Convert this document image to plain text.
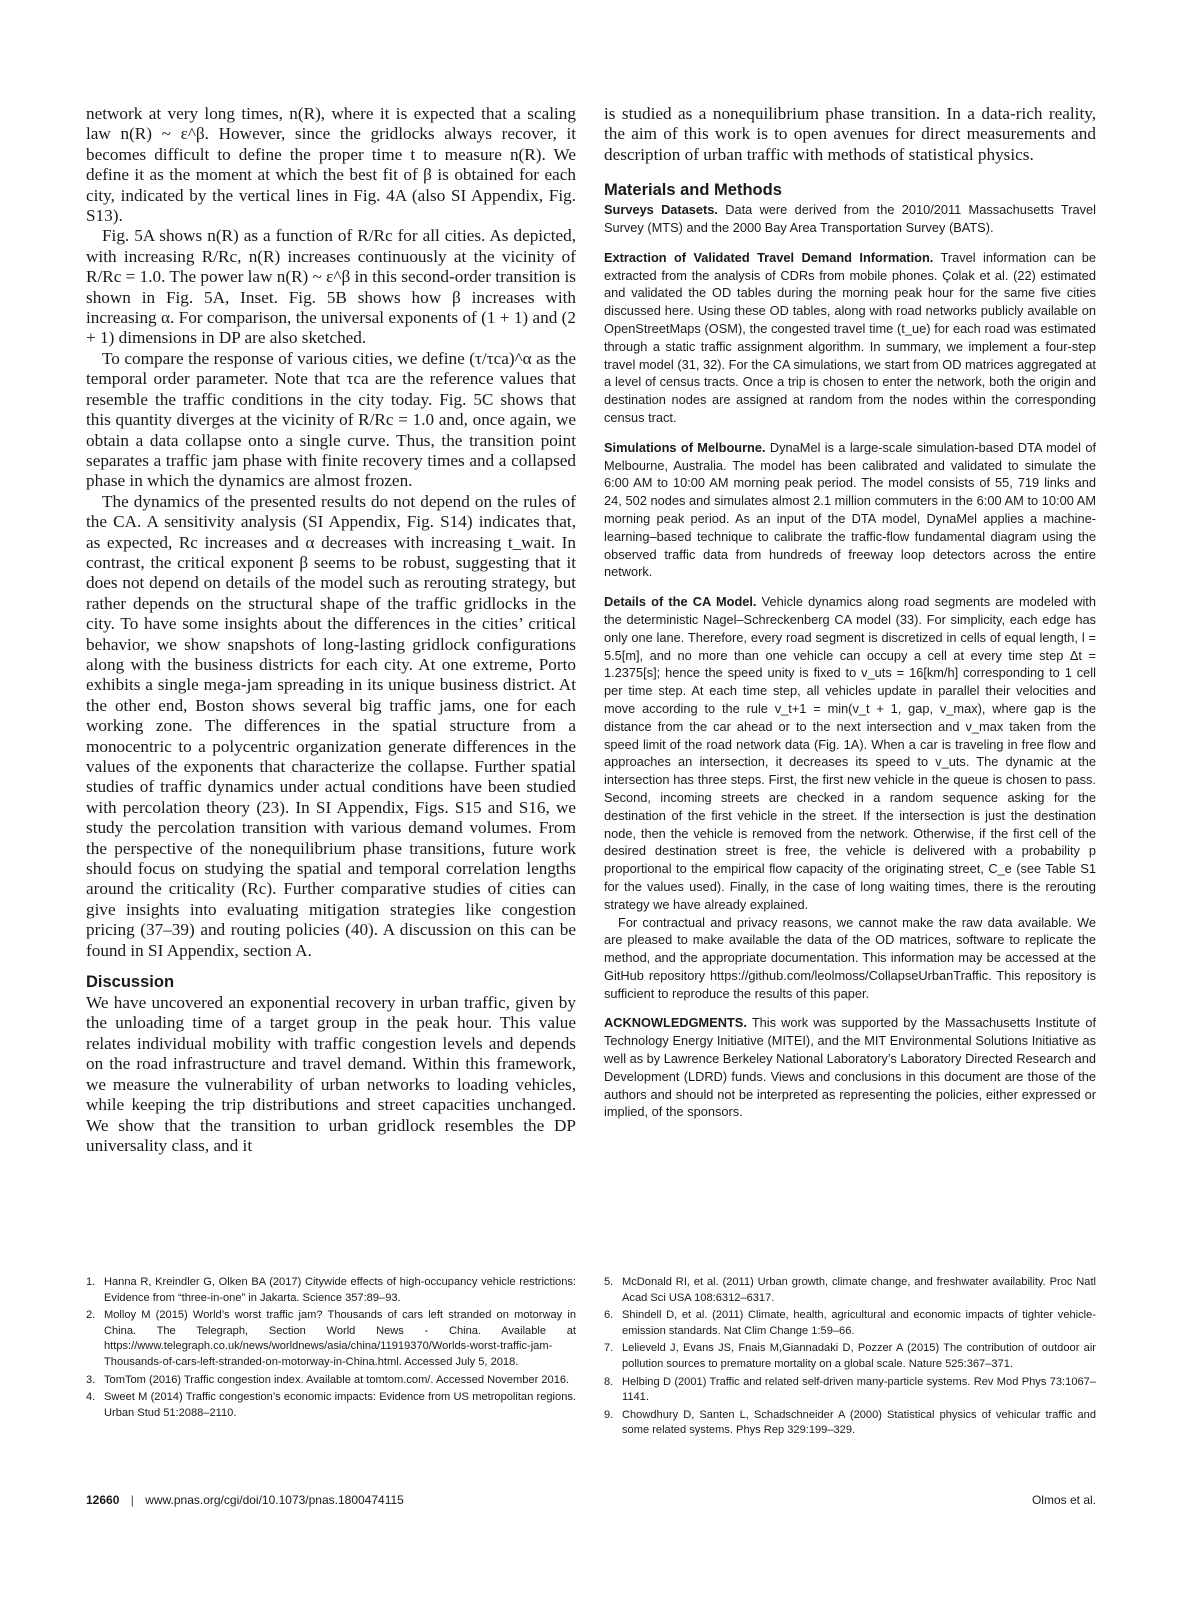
network at very long times, n(R), where it is expected that a scaling law n(R) ~ ε^β. However, since the gridlocks always recover, it becomes difficult to define the proper time t to measure n(R). We define it as the moment at which the best fit of β is obtained for each city, indicated by the vertical lines in Fig. 4A (also SI Appendix, Fig. S13).

Fig. 5A shows n(R) as a function of R/Rc for all cities. As depicted, with increasing R/Rc, n(R) increases continuously at the vicinity of R/Rc = 1.0. The power law n(R) ~ ε^β in this second-order transition is shown in Fig. 5A, Inset. Fig. 5B shows how β increases with increasing α. For comparison, the universal exponents of (1 + 1) and (2 + 1) dimensions in DP are also sketched.

To compare the response of various cities, we define (τ/τca)^α as the temporal order parameter. Note that τca are the reference values that resemble the traffic conditions in the city today. Fig. 5C shows that this quantity diverges at the vicinity of R/Rc = 1.0 and, once again, we obtain a data collapse onto a single curve. Thus, the transition point separates a traffic jam phase with finite recovery times and a collapsed phase in which the dynamics are almost frozen.

The dynamics of the presented results do not depend on the rules of the CA. A sensitivity analysis (SI Appendix, Fig. S14) indicates that, as expected, Rc increases and α decreases with increasing t_wait. In contrast, the critical exponent β seems to be robust, suggesting that it does not depend on details of the model such as rerouting strategy, but rather depends on the structural shape of the traffic gridlocks in the city. To have some insights about the differences in the cities’ critical behavior, we show snapshots of long-lasting gridlock configurations along with the business districts for each city. At one extreme, Porto exhibits a single mega-jam spreading in its unique business district. At the other end, Boston shows several big traffic jams, one for each working zone. The differences in the spatial structure from a monocentric to a polycentric organization generate differences in the values of the exponents that characterize the collapse. Further spatial studies of traffic dynamics under actual conditions have been studied with percolation theory (23). In SI Appendix, Figs. S15 and S16, we study the percolation transition with various demand volumes. From the perspective of the nonequilibrium phase transitions, future work should focus on studying the spatial and temporal correlation lengths around the criticality (Rc). Further comparative studies of cities can give insights into evaluating mitigation strategies like congestion pricing (37–39) and routing policies (40). A discussion on this can be found in SI Appendix, section A.

Discussion

We have uncovered an exponential recovery in urban traffic, given by the unloading time of a target group in the peak hour. This value relates individual mobility with traffic congestion levels and depends on the road infrastructure and travel demand. Within this framework, we measure the vulnerability of urban networks to loading vehicles, while keeping the trip distributions and street capacities unchanged. We show that the transition to urban gridlock resembles the DP universality class, and it

is studied as a nonequilibrium phase transition. In a data-rich reality, the aim of this work is to open avenues for direct measurements and description of urban traffic with methods of statistical physics.

Materials and Methods

Surveys Datasets. Data were derived from the 2010/2011 Massachusetts Travel Survey (MTS) and the 2000 Bay Area Transportation Survey (BATS).

Extraction of Validated Travel Demand Information. Travel information can be extracted from the analysis of CDRs from mobile phones. Çolak et al. (22) estimated and validated the OD tables during the morning peak hour for the same five cities discussed here. Using these OD tables, along with road networks publicly available on OpenStreetMaps (OSM), the congested travel time (t_ue) for each road was estimated through a static traffic assignment algorithm. In summary, we implement a four-step travel model (31, 32). For the CA simulations, we start from OD matrices aggregated at a level of census tracts. Once a trip is chosen to enter the network, both the origin and destination nodes are assigned at random from the nodes within the corresponding census tract.

Simulations of Melbourne. DynaMel is a large-scale simulation-based DTA model of Melbourne, Australia. The model has been calibrated and validated to simulate the 6:00 AM to 10:00 AM morning peak period. The model consists of 55, 719 links and 24, 502 nodes and simulates almost 2.1 million commuters in the 6:00 AM to 10:00 AM morning peak period. As an input of the DTA model, DynaMel applies a machine-learning–based technique to calibrate the traffic-flow fundamental diagram using the observed traffic data from hundreds of freeway loop detectors across the entire network.

Details of the CA Model. Vehicle dynamics along road segments are modeled with the deterministic Nagel–Schreckenberg CA model (33). For simplicity, each edge has only one lane. Therefore, every road segment is discretized in cells of equal length, l = 5.5[m], and no more than one vehicle can occupy a cell at every time step Δt = 1.2375[s]; hence the speed unity is fixed to v_uts = 16[km/h] corresponding to 1 cell per time step. At each time step, all vehicles update in parallel their velocities and move according to the rule v_t+1 = min(v_t + 1, gap, v_max), where gap is the distance from the car ahead or to the next intersection and v_max taken from the speed limit of the road network data (Fig. 1A). When a car is traveling in free flow and approaches an intersection, it decreases its speed to v_uts. The dynamic at the intersection has three steps. First, the first new vehicle in the queue is chosen to pass. Second, incoming streets are checked in a random sequence asking for the destination of the first vehicle in the street. If the intersection is just the destination node, then the vehicle is removed from the network. Otherwise, if the first cell of the desired destination street is free, the vehicle is delivered with a probability p proportional to the empirical flow capacity of the originating street, C_e (see Table S1 for the values used). Finally, in the case of long waiting times, there is the rerouting strategy we have already explained.

For contractual and privacy reasons, we cannot make the raw data available. We are pleased to make available the data of the OD matrices, software to replicate the method, and the appropriate documentation. This information may be accessed at the GitHub repository https://github.com/leolmoss/CollapseUrbanTraffic. This repository is sufficient to reproduce the results of this paper.

ACKNOWLEDGMENTS. This work was supported by the Massachusetts Institute of Technology Energy Initiative (MITEI), and the MIT Environmental Solutions Initiative as well as by Lawrence Berkeley National Laboratory’s Laboratory Directed Research and Development (LDRD) funds. Views and conclusions in this document are those of the authors and should not be interpreted as representing the policies, either expressed or implied, of the sponsors.

1. Hanna R, Kreindler G, Olken BA (2017) Citywide effects of high-occupancy vehicle restrictions: Evidence from “three-in-one” in Jakarta. Science 357:89–93.
2. Molloy M (2015) World’s worst traffic jam? Thousands of cars left stranded on motorway in China. The Telegraph, Section World News - China. Available at https://www.telegraph.co.uk/news/worldnews/asia/china/11919370/Worlds-worst-traffic-jam-Thousands-of-cars-left-stranded-on-motorway-in-China.html. Accessed July 5, 2018.
3. TomTom (2016) Traffic congestion index. Available at tomtom.com/. Accessed November 2016.
4. Sweet M (2014) Traffic congestion’s economic impacts: Evidence from US metropolitan regions. Urban Stud 51:2088–2110.
5. McDonald RI, et al. (2011) Urban growth, climate change, and freshwater availability. Proc Natl Acad Sci USA 108:6312–6317.
6. Shindell D, et al. (2011) Climate, health, agricultural and economic impacts of tighter vehicle-emission standards. Nat Clim Change 1:59–66.
7. Lelieveld J, Evans JS, Fnais M,Giannadaki D, Pozzer A (2015) The contribution of outdoor air pollution sources to premature mortality on a global scale. Nature 525:367–371.
8. Helbing D (2001) Traffic and related self-driven many-particle systems. Rev Mod Phys 73:1067–1141.
9. Chowdhury D, Santen L, Schadschneider A (2000) Statistical physics of vehicular traffic and some related systems. Phys Rep 329:199–329.
12660 | www.pnas.org/cgi/doi/10.1073/pnas.1800474115	Olmos et al.
